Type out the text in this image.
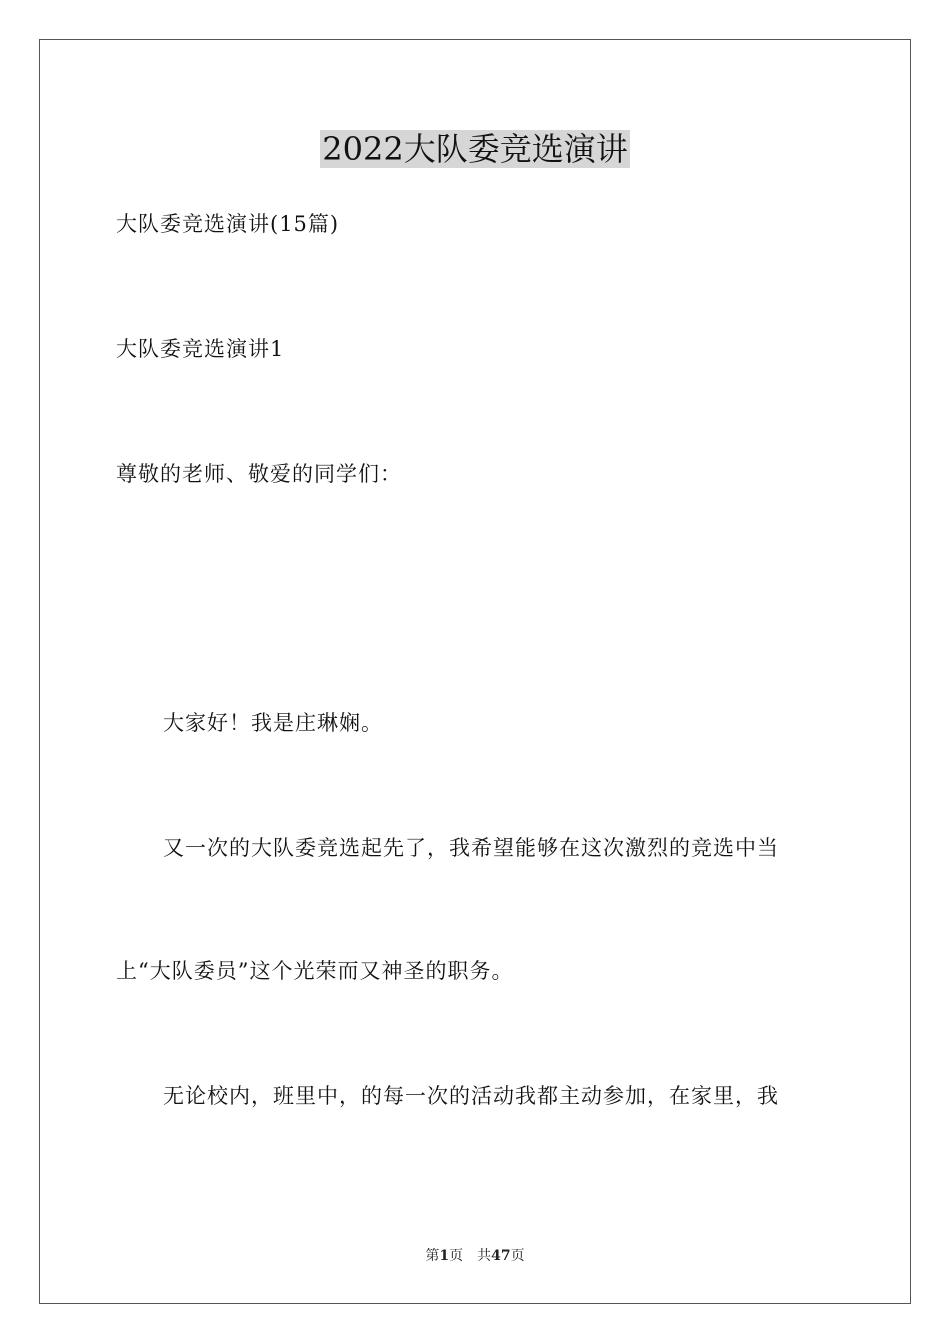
2022大队委竞选演讲
大队委竞选演讲(15篇)
大队委竞选演讲1
尊敬的老师、敬爱的同学们：
大家好！我是庄琳娴。
又一次的大队委竞选起先了，我希望能够在这次激烈的竞选中当
上“大队委员”这个光荣而又神圣的职务。
无论校内，班里中，的每一次的活动我都主动参加，在家里，我
第1页 共47页
